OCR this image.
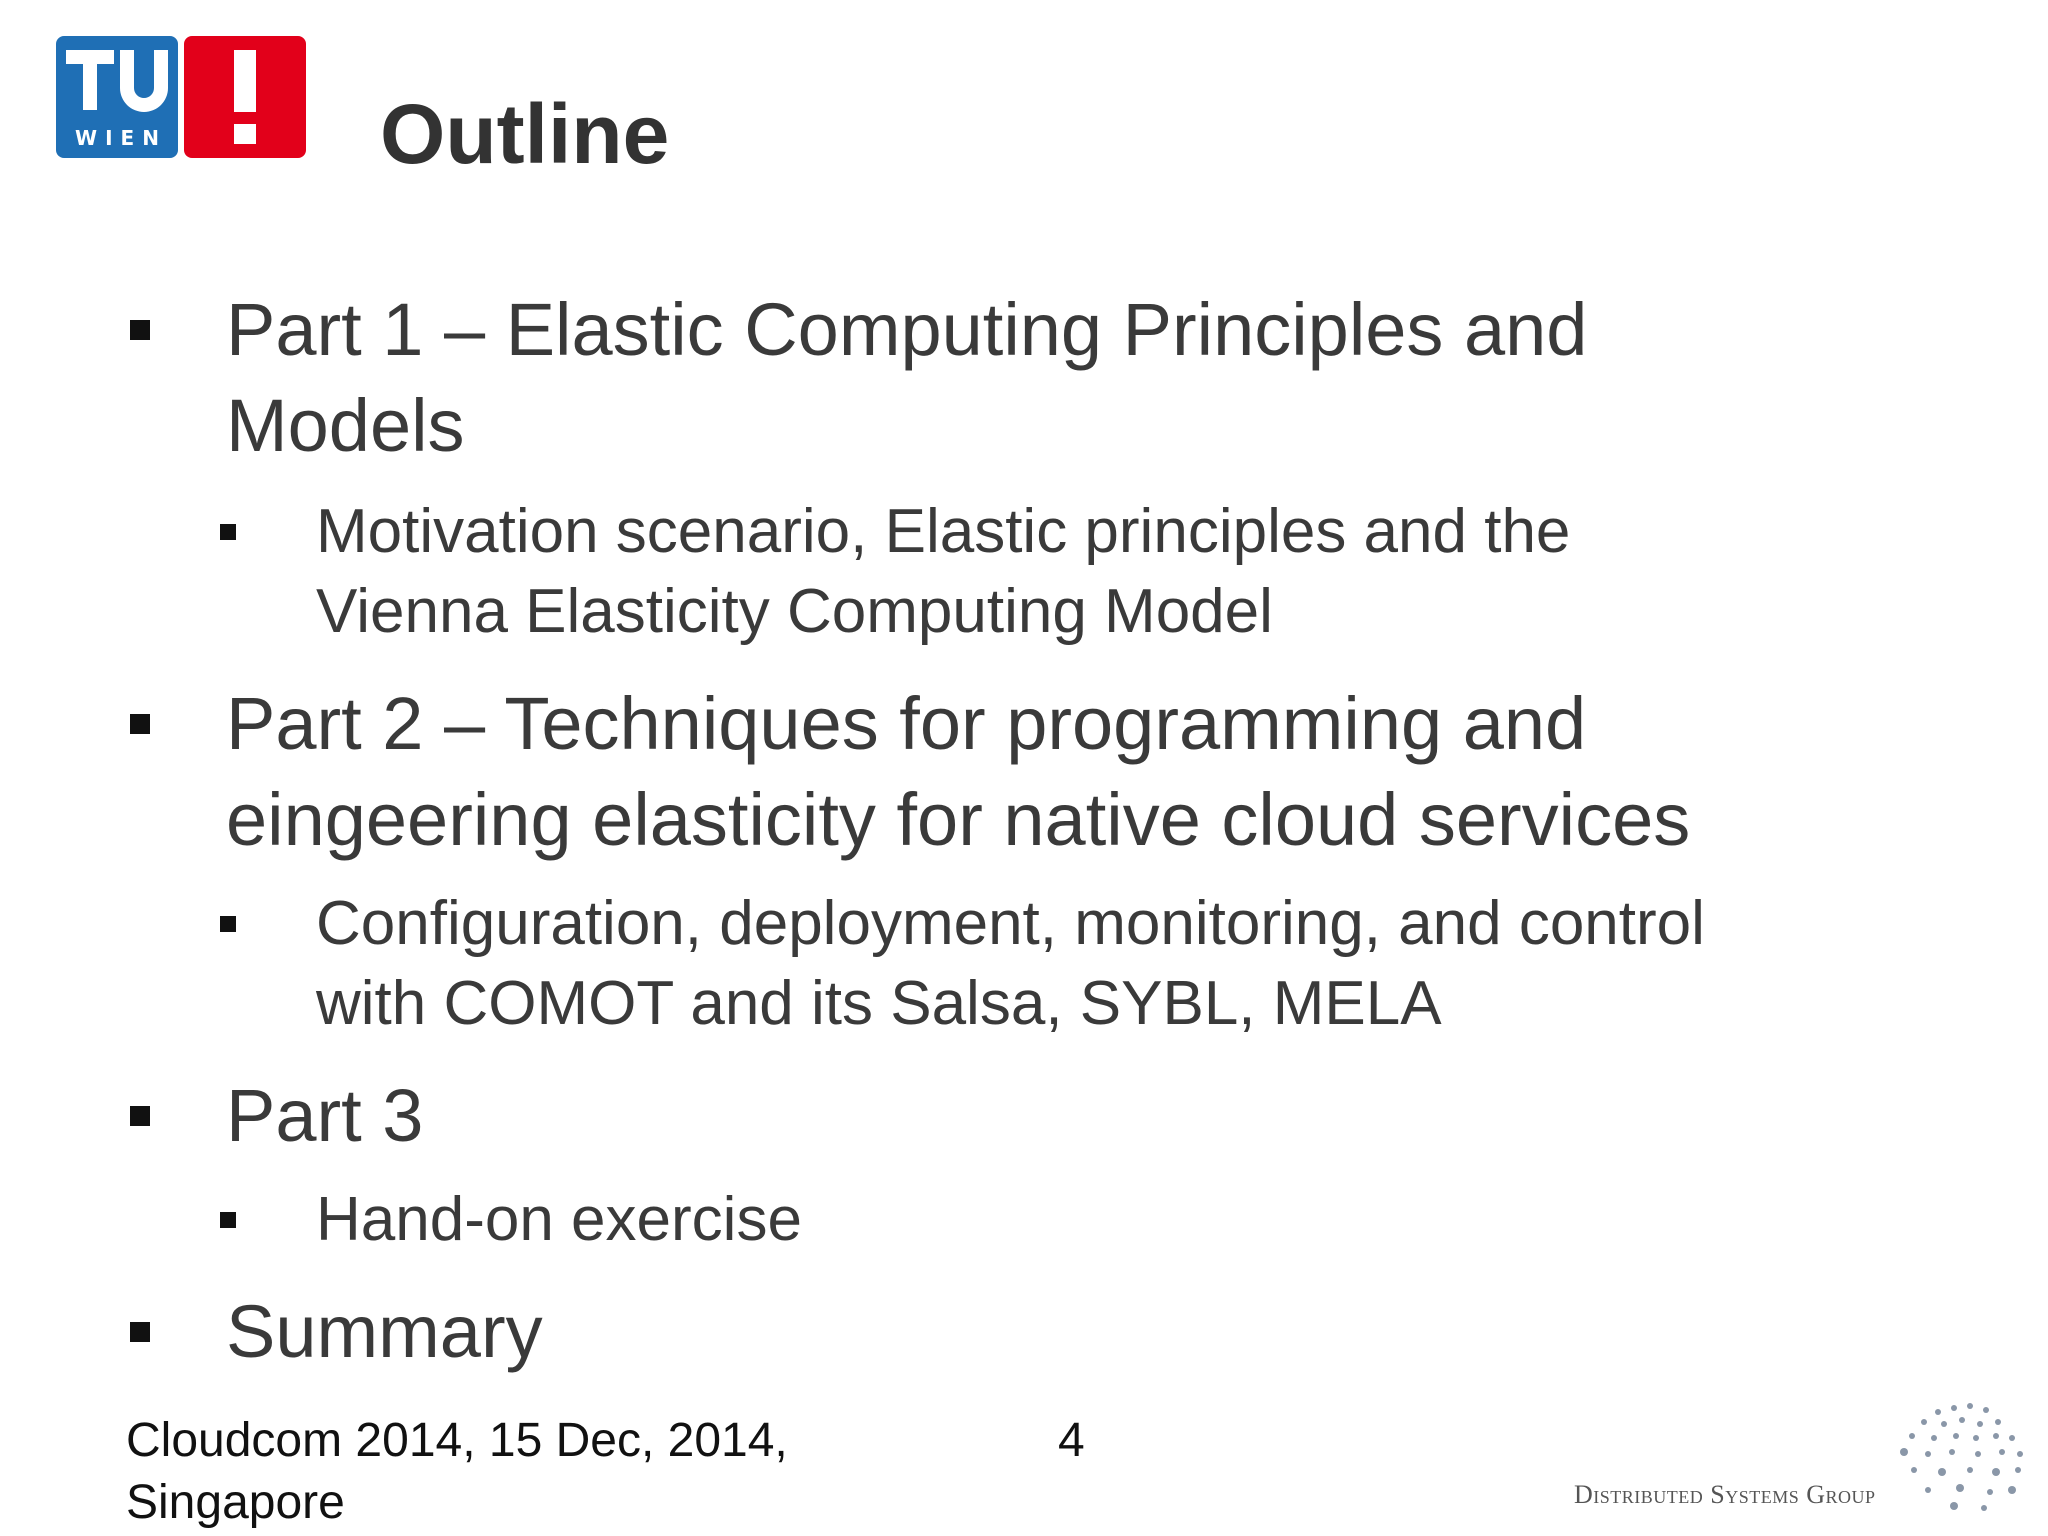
WIEN	Outline
Part 1 – Elastic Computing Principles and
Models
Motivation scenario, Elastic principles and the
Vienna Elasticity Computing Model
Part 2 – Techniques for programming and
eingeering elasticity for native cloud services
Configuration, deployment, monitoring, and control
with COMOT and its Salsa, SYBL, MELA
Part 3
Hand-on exercise
Summary
Cloudcom 2014, 15 Dec, 2014,
Singapore
4
Distributed Systems Group
